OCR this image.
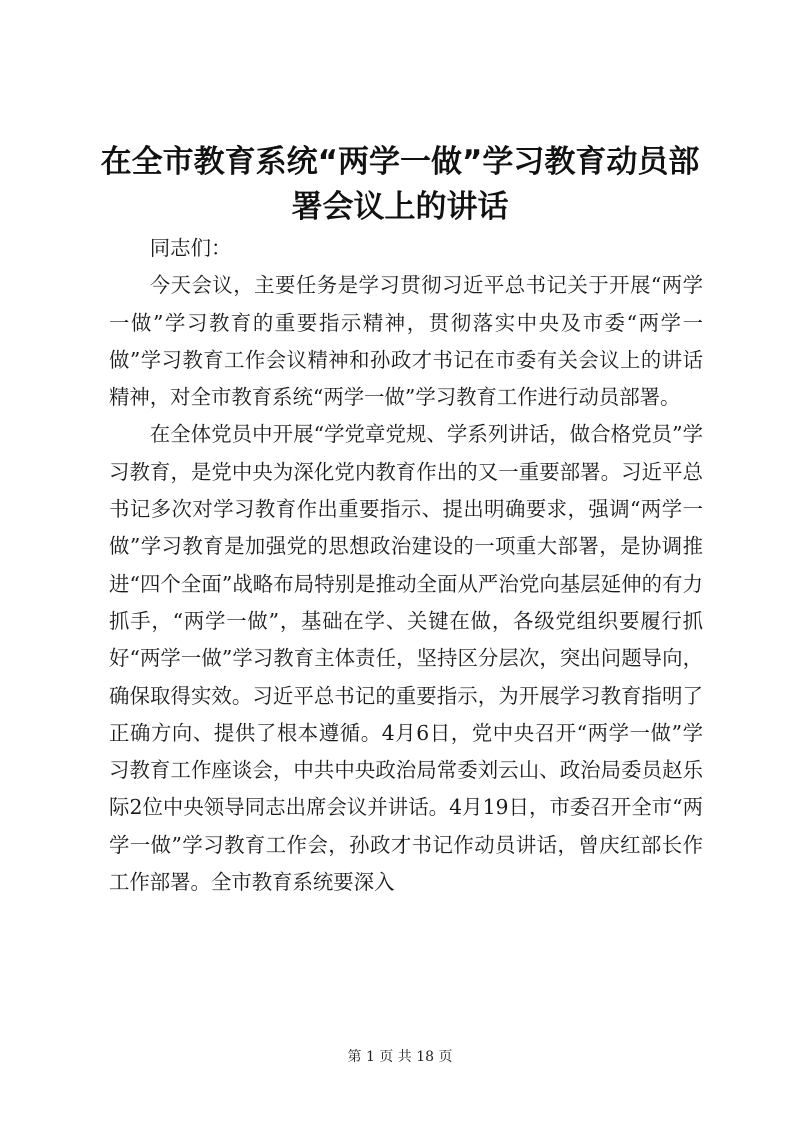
在全市教育系统“两学一做”学习教育动员部署会议上的讲话

同志们：

今天会议，主要任务是学习贯彻习近平总书记关于开展“两学一做”学习教育的重要指示精神，贯彻落实中央及市委“两学一做”学习教育工作会议精神和孙政才书记在市委有关会议上的讲话精神，对全市教育系统“两学一做”学习教育工作进行动员部署。

在全体党员中开展“学党章党规、学系列讲话，做合格党员”学习教育，是党中央为深化党内教育作出的又一重要部署。习近平总书记多次对学习教育作出重要指示、提出明确要求，强调“两学一做”学习教育是加强党的思想政治建设的一项重大部署，是协调推进“四个全面”战略布局特别是推动全面从严治党向基层延伸的有力抓手，“两学一做”，基础在学、关键在做，各级党组织要履行抓好“两学一做”学习教育主体责任，坚持区分层次，突出问题导向，确保取得实效。习近平总书记的重要指示，为开展学习教育指明了正确方向、提供了根本遵循。4月6日，党中央召开“两学一做”学习教育工作座谈会，中共中央政治局常委刘云山、政治局委员赵乐际2位中央领导同志出席会议并讲话。4月19日，市委召开全市“两学一做”学习教育工作会，孙政才书记作动员讲话，曾庆红部长作工作部署。全市教育系统要深入

第 1 页 共 18 页
